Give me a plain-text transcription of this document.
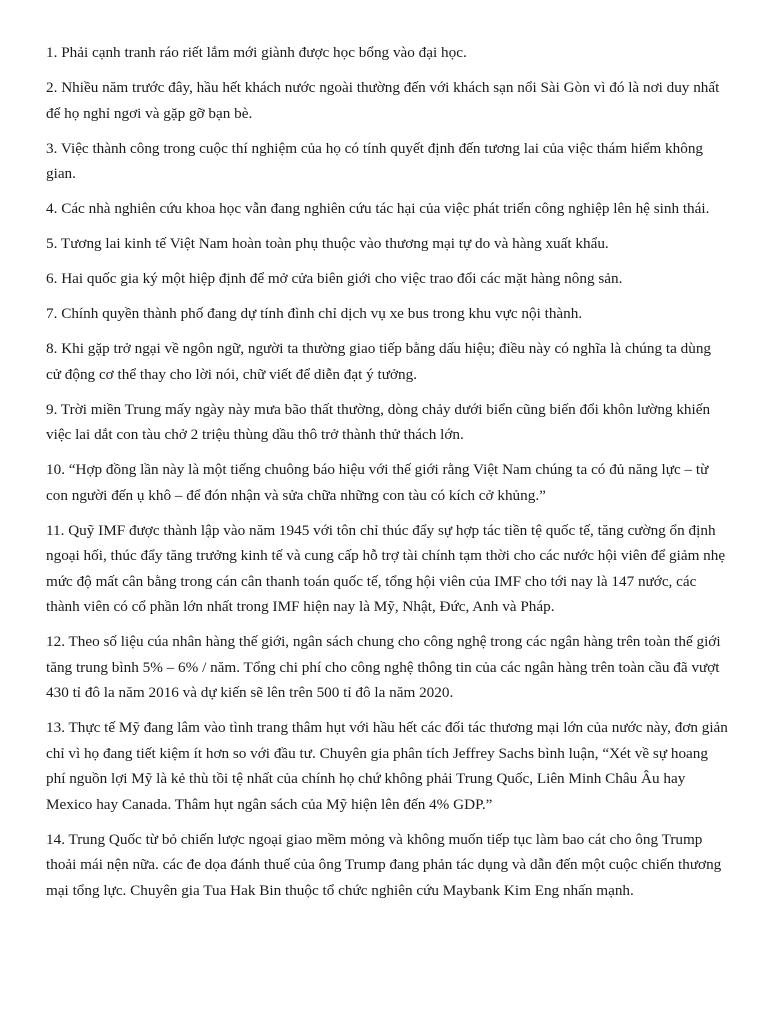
1. Phải cạnh tranh ráo riết lắm mới giành được học bổng vào đại học.

2. Nhiều năm trước đây, hầu hết khách nước ngoài thường đến với khách sạn nổi Sài Gòn vì đó là nơi duy nhất để họ nghỉ ngơi và gặp gỡ bạn bè.

3. Việc thành công trong cuộc thí nghiệm của họ có tính quyết định đến tương lai của việc thám hiểm không gian.

4. Các nhà nghiên cứu khoa học vẫn đang nghiên cứu tác hại của việc phát triển công nghiệp lên hệ sinh thái.

5. Tương lai kinh tế Việt Nam hoàn toàn phụ thuộc vào thương mại tự do và hàng xuất khẩu.

6. Hai quốc gia ký một hiệp định để mở cửa biên giới cho việc trao đổi các mặt hàng nông sản.

7. Chính quyền thành phố đang dự tính đình chỉ dịch vụ xe bus trong khu vực nội thành.

8. Khi gặp trở ngại về ngôn ngữ, người ta thường giao tiếp bằng dấu hiệu; điều này có nghĩa là chúng ta dùng cử động cơ thể thay cho lời nói, chữ viết để diễn đạt ý tưởng.

9. Trời miền Trung mấy ngày này mưa bão thất thường, dòng chảy dưới biển cũng biến đổi khôn lường khiến việc lai dắt con tàu chở 2 triệu thùng dầu thô trở thành thử thách lớn.

10. “Hợp đồng lần này là một tiếng chuông báo hiệu với thế giới rằng Việt Nam chúng ta có đủ năng lực – từ con người đến ụ khô – để đón nhận và sửa chữa những con tàu có kích cở khủng.”

11. Quỹ IMF được thành lập vào năm 1945 với tôn chỉ thúc đẩy sự hợp tác tiền tệ quốc tế, tăng cường ổn định ngoại hối, thúc đẩy tăng trưởng kinh tế và cung cấp hỗ trợ tài chính tạm thời cho các nước hội viên để giảm nhẹ mức độ mất cân bằng trong cán cân thanh toán quốc tế, tổng hội viên của IMF cho tới nay là 147 nước, các thành viên có cổ phần lớn nhất trong IMF hiện nay là Mỹ, Nhật, Đức, Anh và Pháp.

12. Theo số liệu cúa nhân hàng thế giới, ngân sách chung cho công nghệ trong các ngân hàng trên toàn thế giới tăng trung bình 5% – 6% / năm. Tổng chi phí cho công nghệ thông tin của các ngân hàng trên toàn cầu đã vượt 430 tỉ đô la năm 2016 và dự kiến sẽ lên trên 500 tỉ đô la năm 2020.

13. Thực tế Mỹ đang lâm vào tình trang thâm hụt với hầu hết các đối tác thương mại lớn của nước này, đơn giản chỉ vì họ đang tiết kiệm ít hơn so với đầu tư. Chuyên gia phân tích Jeffrey Sachs bình luận, “Xét về sự hoang phí nguồn lợi Mỹ là kẻ thù tồi tệ nhất của chính họ chứ không phải Trung Quốc, Liên Minh Châu Âu hay Mexico hay Canada. Thâm hụt ngân sách của Mỹ hiện lên đến 4% GDP.”

14. Trung Quốc từ bỏ chiến lược ngoại giao mềm mỏng và không muốn tiếp tục làm bao cát cho ông Trump thoải mái nện nữa. các đe dọa đánh thuế của ông Trump đang phản tác dụng và dẫn đến một cuộc chiến thương mại tổng lực. Chuyên gia Tua Hak Bin thuộc tổ chức nghiên cứu Maybank Kim Eng nhấn mạnh.
